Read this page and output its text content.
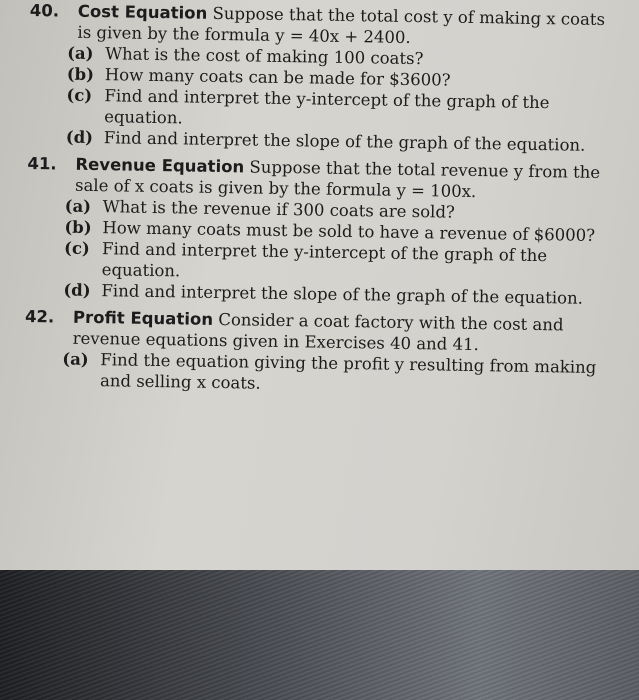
40.	Cost Equation Suppose that the total cost y of making x coats is given by the formula y = 40x + 2400.
(a) What is the cost of making 100 coats?
(b) How many coats can be made for $3600?
(c) Find and interpret the y-intercept of the graph of the equation.
(d) Find and interpret the slope of the graph of the equation.
41.	Revenue Equation Suppose that the total revenue y from the sale of x coats is given by the formula y = 100x.
(a) What is the revenue if 300 coats are sold?
(b) How many coats must be sold to have a revenue of $6000?
(c) Find and interpret the y-intercept of the graph of the equation.
(d) Find and interpret the slope of the graph of the equation.
42.	Profit Equation Consider a coat factory with the cost and revenue equations given in Exercises 40 and 41.
(a) Find the equation giving the profit y resulting from making and selling x coats.
